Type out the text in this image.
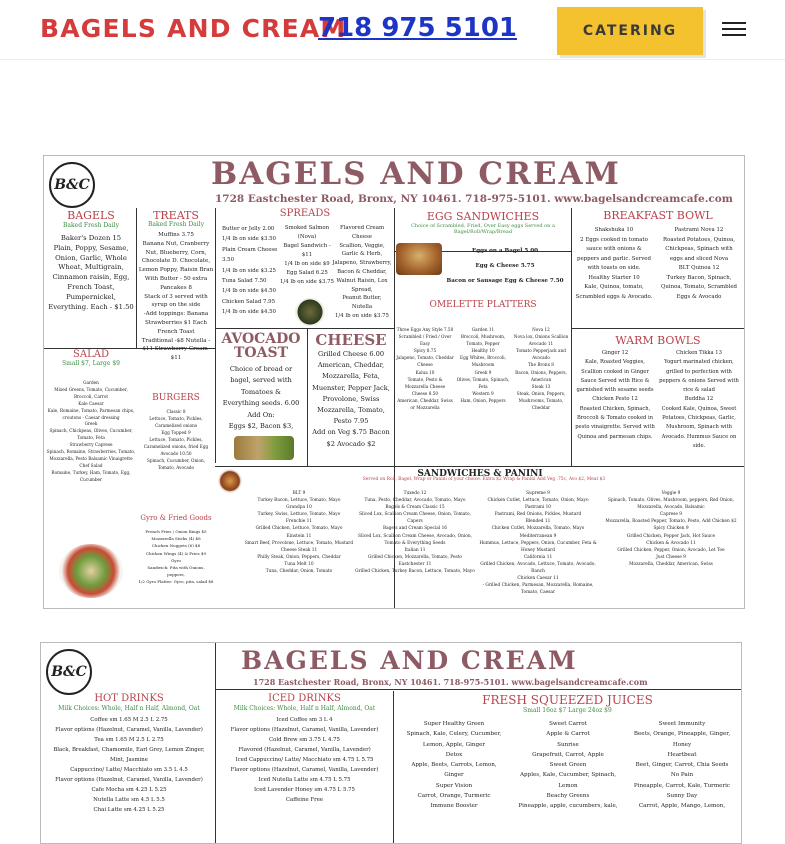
BAGELS AND CREAM
718 975 5101	CATERING
B&C	BAGELS AND CREAM
1728 Eastchester Road, Bronx, NY 10461. 718-975-5101. www.bagelsandcreamcafe.com
BAGELS
Baked Fresh Daily
Baker's Dozen 15
Plain, Poppy, Sesame,
Onion, Garlic, Whole
Wheat, Multigrain,
Cinnamon raisin, Egg,
French Toast,
Pumpernickel,
Everything. Each - $1.50
TREATS
Baked Fresh Daily
Muffins 3.75
Banana Nut, Cranberry
Nut, Blueberry, Corn,
Chocolate D. Chocolate,
Lemon Poppy, Raisin Bran
With Butter - 50 extra
Pancakes 8
Stack of 3 served with
syrup on the side
-Add toppings: Banana
Strawberries $1 Each
French Toast
Traditional -$8 Nutella -
$11 Strawberry Cream- $11
SPREADS
Butter or Jelly 2.00
1/4 lb on side $3.50
Plain Cream Cheese 3.50
1/4 lb on side $3.25
Tuna Salad 7.50
1/4 lb on side $4.50
Chicken Salad 7.95
1/4 lb on side $4.50
Smoked Salmon
(Nova)
Bagel Sandwich - $11
1/4 lb on side $9
Egg Salad 6.25
1/4 lb on side $3.75
Flavored Cream
Cheese
Scallion, Veggie,
Garlic & Herb,
Jalapeno, Strawberry,
Bacon & Cheddar,
Walnut Raisin, Lox
Spread,
Peanut Butter, Nutella
1/4 lb on side $3.75
EGG SANDWICHES
Choice of Scrambled, Fried, Over Easy eggs Served on a Bagel/Roll/Wrap/Bread
Eggs on a Bagel 5.00
Egg & Cheese 5.75
Bacon or Sausage Egg & Cheese 7.50
OMELETTE PLATTERS
Three Eggs Any Style 7.50
Scrambled / Fried / Over Easy
Spicy 8.75
Jalapeno, Tomato, Cheddar Cheese
Kalua 10
Tomato, Pesto & Mozzarella Cheese
Cheese 8.50
American, Cheddar, Swiss or Mozzarella
Garden 11
Broccoli, Mushroom, Tomato, Pepper
Healthy 10
Egg Whites, Broccoli, Mushroom
Greek 9
Olives, Tomato, Spinach, Feta
Western 9
Ham, Onion, Peppers
Nova 12
Nova lox, Onions Scallion
Avocado 11
Tomato Pepperjack and Avocado
The Bronx 8
Bacon, Onions, Peppers, American
Steak 13
Steak, Onion, Peppers, Mushrooms, Tomato, Cheddar
BREAKFAST BOWL
Shakshuka 10
2 Eggs cooked in tomato
sauce with onions &
peppers and garlic. Served
with toasts on side.
Healthy Starter 10
Kale, Quinoa, tomato,
Scrambled eggs & Avocado.
Pastrami Nova 12
Roasted Potatoes, Quinoa,
Chickpeas, Spinach with
eggs and sliced Nova
BLT Quinoa 12
Turkey Bacon, Spinach,
Quinoa, Tomato, Scrambled
Eggs & Avocado
SALAD
Small $7, Large $9
Garden
Mixed Greens, Tomato, Cucumber, Broccoli, Carrot
Kale Caesar
Kale, Romaine, Tomato, Parmesan chips, croutons - Caesar dressing
Greek
Spinach, Chickpeas, Olives, Cucumber, Tomato, Feta
Strawberry Caprese
Spinach, Romaine, Strawberries, Tomato, Mozzarella, Pesto Balsamic Vinaigrette
Chef Salad
Romaine, Turkey, Ham, Tomato, Egg, Cucumber
BURGERS
Classic 8
Lettuce, Tomato, Pickles, Caramelized onions
Egg Topped 9
Lettuce, Tomato, Pickles, Caramelized onions, fried Egg
Avocado 10.50
Spinach, Cucumber, Onion, Tomato, Avocado
Gyro & Fried Goods
French Fries / Onion Rings $5
Mozzarella Sticks (4) $8
Chicken Nuggets (6) $8
Chicken Wings (4) & Fries $9
Gyro
Sandwich: Pita with Onions, peppers,
1/2 Gyro Platter: Gyro, pita, salad $8
AVOCADO
TOAST
Choice of bread or
bagel, served with
Tomatoes &
Everything seeds. 6.00
Add On:
Eggs $2, Bacon $3,
CHEESE
Grilled Cheese 6.00
American, Cheddar,
Mozzarella, Feta,
Muenster, Pepper Jack,
Provolone, Swiss
Mozzarella, Tomato,
Pesto 7.95
Add on Veg $.75 Bacon
$2 Avocado $2
WARM BOWLS
Ginger 12
Kale, Roasted Veggies,
Scallion cooked in Ginger
Sauce Served with Rice &
garnished with sesame seeds
Chicken Pesto 12
Roasted Chicken, Spinach,
Broccoli & Tomato cooked in
pesto vinaigrette. Served with
Quinoa and parmesan chips.
Chicken Tikka 13
Yogurt marinated chicken,
grilled to perfection with
peppers & onions Served with
rice & salad
Buddha 12
Cooked Kale, Quinoa, Sweet
Potatoes, Chickpeas, Garlic,
Mushroom, Spinach with
Avocado. Hummus Sauce on side.
SANDWICHES & PANINI
Served on Roll, Bagel, Wrap or Panini of your choice. Extra $2 Wrap & Panini Add Veg .75c, Avo $2, Meat $3
BLT 9
Turkey Bacon, Lettuce, Tomato, Mayo
Grandpa 10
Turkey, Swiss, Lettuce, Tomato, Mayo
Frenchie 11
Grilled Chicken, Lettuce, Tomato, Mayo
Einstein 11
Smart Beef, Provolone, Lettuce, Tomato, Mustard
Cheese Steak 11
Philly Steak, Onion, Peppers, Cheddar
Tuna Melt 10
Tuna, Cheddar, Onion, Tomato
Tuxedo 12
Tuna, Pesto, Cheddar, Avocado, Tomato, Mayo
Bagels & Cream Classic 15
Sliced Lox, Scallion Cream Cheese, Onion, Tomato, Capers
Bagels and Cream Special 16
Sliced Lox, Scallion Cream Cheese, Avocado, Onion, Tomato & Everything Seeds
Italian 11
Grilled Chicken, Mozzarella, Tomato, Pesto
Eastchester 11
Grilled Chicken, Turkey Bacon, Lettuce, Tomato, Mayo
Supreme 9
Chicken Cutlet, Lettuce, Tomato, Onion, Mayo
Pastrami 10
Pastrami, Red Onions, Pickles, Mustard
Blended 11
Chicken Cutlet, Mozzarella, Tomato, Mayo
Mediterranean 9
Hummus, Lettuce, Peppers, Onion, Cucumber, Feta & Honey Mustard
California 11
Grilled Chicken, Avocado, Lettuce, Tomato, Avocado, Ranch
Chicken Caesar 11
- Grilled Chicken, Parmesan, Mozzarella, Romaine, Tomato, Caesar
Veggie 9
Spinach, Tomato, Olives, Mushroom, peppers, Red Onion, Mozzarella, Avocado, Balsamic
Caprese 9
Mozzarella, Roasted Pepper, Tomato, Pesto, Add Chicken $2
Spicy Chicken 9
Grilled Chicken, Pepper Jack, Hot Sauce
Chicken & Avocado 11
Grilled Chicken, Pepper, Onion, Avocado, Let Toe
Just Cheese 9
Mozzarella, Cheddar, American, Swiss
B&C	BAGELS AND CREAM
1728 Eastchester Road, Bronx, NY 10461. 718-975-5101. www.bagelsandcreamcafe.com
HOT DRINKS
Milk Choices: Whole, Half n Half, Almond, Oat
Coffee sm 1.65 M 2.5 L 2.75
Flavor options (Hazelnut, Caramel, Vanilla, Lavender)
Tea sm 1.65 M 2.5 L 2.75
Black, Breakfast, Chamomile, Earl Grey, Lemon Zinger,
Mint, Jasmine
Cappuccino/ Latte/ Macchiato sm 3.5 L 4.5
Flavor options (Hazelnut, Caramel, Vanilla, Lavender)
Cafe Mocha sm 4.25 L 5.25
Nutella Latte sm 4.5 L 5.5
Chai Latte sm 4.25 L 5.25
ICED DRINKS
Milk Choices: Whole, Half n Half, Almond, Oat
Iced Coffee sm 3 L 4
Flavor options (Hazelnut, Caramel, Vanilla, Lavender)
Cold Brew sm 3.75 L 4.75
Flavored (Hazelnut, Caramel, Vanilla, Lavender)
Iced Cappuccino/ Latte/ Macchiato sm 4.75 L 5.75
Flavor options (Hazelnut, Caramel, Vanilla, Lavender)
Iced Nutella Latte sm 4.75 L 5.75
Iced Lavender Honey sm 4.75 L 5.75
Caffeine Free
FRESH SQUEEZED JUICES
Small 16oz $7 Large 24oz $9
Super Healthy Green
Spinach, Kale, Celery, Cucumber,
Lemon, Apple, Ginger
Detox
Apple, Beets, Carrots, Lemon,
Ginger
Super Vision
Carrot, Orange, Turmeric
Immune Booster
Sweet Carrot
Apple & Carrot
Sunrise
Grapefruit, Carrot, Apple
Sweet Green
Apples, Kale, Cucumber, Spinach,
Lemon
Beachy Greens
Pineapple, apple, cucumbers, kale,
Sweet Immunity
Beets, Orange, Pineapple, Ginger,
Honey
Heartbeat
Beet, Ginger, Carrot, Chia Seeds
No Pain
Pineapple, Carrot, Kale, Turmeric
Sunny Day
Carrot, Apple, Mango, Lemon,
